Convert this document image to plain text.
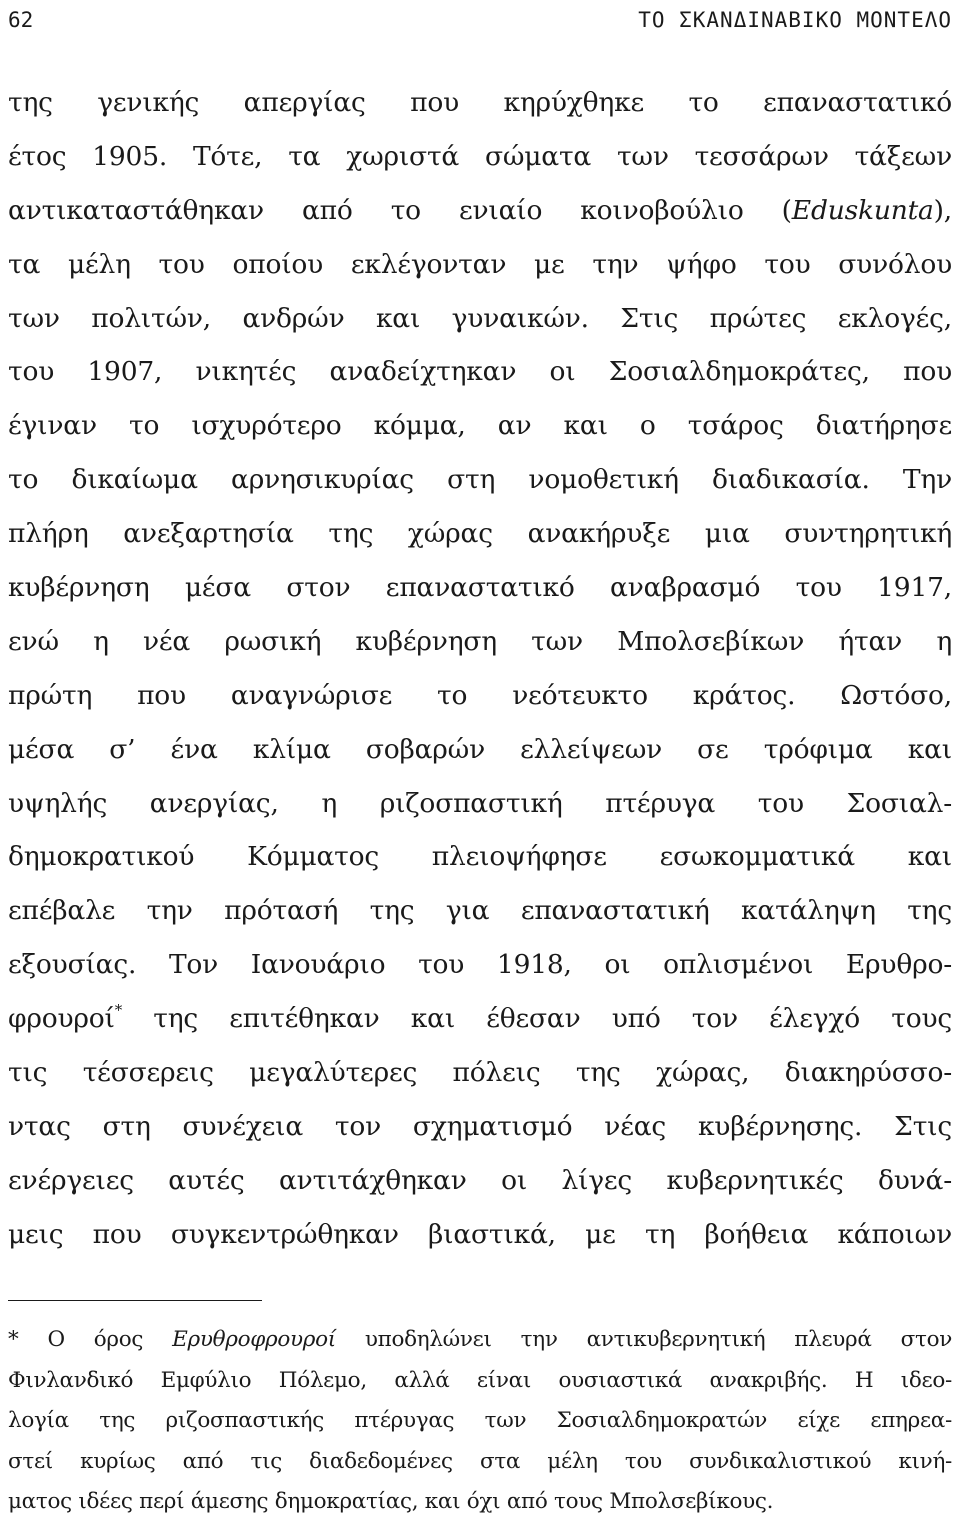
62	ΤΟ ΣΚΑΝΔΙΝΑΒΙΚΟ ΜΟΝΤΕΛΟ
της γενικής απεργίας που κηρύχθηκε το επαναστατικό
έτος 1905. Τότε, τα χωριστά σώματα των τεσσάρων τάξεων
αντικαταστάθηκαν από το ενιαίο κοινοβούλιο (Eduskunta),
τα μέλη του οποίου εκλέγονταν με την ψήφο του συνόλου
των πολιτών, ανδρών και γυναικών. Στις πρώτες εκλογές,
του 1907, νικητές αναδείχτηκαν οι Σοσιαλδημοκράτες, που
έγιναν το ισχυρότερο κόμμα, αν και ο τσάρος διατήρησε
το δικαίωμα αρνησικυρίας στη νομοθετική διαδικασία. Την
πλήρη ανεξαρτησία της χώρας ανακήρυξε μια συντηρητική
κυβέρνηση μέσα στον επαναστατικό αναβρασμό του 1917,
ενώ η νέα ρωσική κυβέρνηση των Μπολσεβίκων ήταν η
πρώτη που αναγνώρισε το νεότευκτο κράτος. Ωστόσο,
μέσα σ’ ένα κλίμα σοβαρών ελλείψεων σε τρόφιμα και
υψηλής ανεργίας, η ριζοσπαστική πτέρυγα του Σοσιαλ-
δημοκρατικού Κόμματος πλειοψήφησε εσωκομματικά και
επέβαλε την πρότασή της για επαναστατική κατάληψη της
εξουσίας. Τον Ιανουάριο του 1918, οι οπλισμένοι Ερυθρο-
φρουροί* της επιτέθηκαν και έθεσαν υπό τον έλεγχό τους
τις τέσσερεις μεγαλύτερες πόλεις της χώρας, διακηρύσσο-
ντας στη συνέχεια τον σχηματισμό νέας κυβέρνησης. Στις
ενέργειες αυτές αντιτάχθηκαν οι λίγες κυβερνητικές δυνά-
μεις που συγκεντρώθηκαν βιαστικά, με τη βοήθεια κάποιων
* Ο όρος Ερυθροφρουροί υποδηλώνει την αντικυβερνητική πλευρά στον
Φινλανδικό Εμφύλιο Πόλεμο, αλλά είναι ουσιαστικά ανακριβής. Η ιδεο-
λογία της ριζοσπαστικής πτέρυγας των Σοσιαλδημοκρατών είχε επηρεα-
στεί κυρίως από τις διαδεδομένες στα μέλη του συνδικαλιστικού κινή-
ματος ιδέες περί άμεσης δημοκρατίας, και όχι από τους Μπολσεβίκους.
